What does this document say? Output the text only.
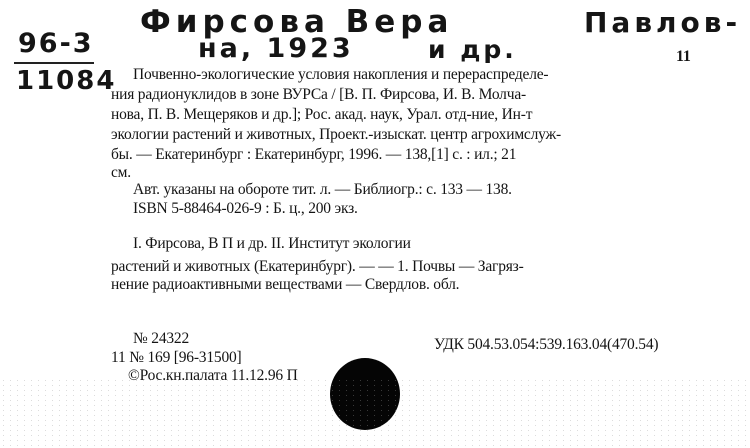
96-3
11084
Фирсова Вера	Павлов-
на, 1923	и др.	11
Почвенно-экологические условия накопления и перераспределе-
ния радионуклидов в зоне ВУРСа / [В. П. Фирсова, И. В. Молча-
нова, П. В. Мещеряков и др.]; Рос. акад. наук, Урал. отд-ние, Ин-т
экологии растений и животных, Проект.-изыскат. центр агрохимслуж-
бы. — Екатеринбург : Екатеринбург, 1996. — 138,[1] с. : ил.; 21
см.
Авт. указаны на обороте тит. л. — Библиогр.: с. 133 — 138.
ISBN 5-88464-026-9 : Б. ц., 200 экз.
I. Фирсова, В П и др. II. Институт экологии
растений и животных (Екатеринбург). — — 1. Почвы — Загряз-
нение радиоактивными веществами — Свердлов. обл.
№ 24322	УДК 504.53.054:539.163.04(470.54)
11 № 169 [96-31500]
©Рос.кн.палата 11.12.96 П
